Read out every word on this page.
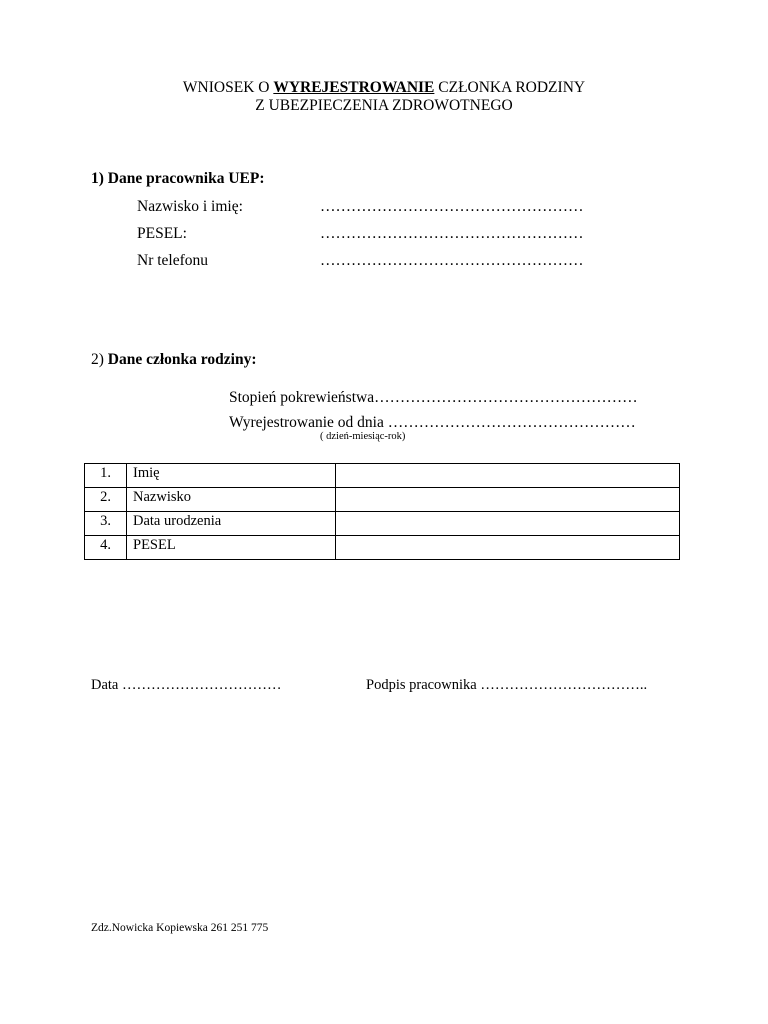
WNIOSEK O WYREJESTROWANIE CZŁONKA RODZINY
Z UBEZPIECZENIA ZDROWOTNEGO
1) Dane pracownika UEP:
Nazwisko i imię:	……………………………………………
PESEL:	……………………………………………
Nr telefonu	……………………………………………
2) Dane członka rodziny:
Stopień pokrewieństwa……………………………………………
Wyrejestrowanie od dnia …………………………………………
( dzień-miesiąc-rok)
1.	Imię	
2.	Nazwisko	
3.	Data urodzenia	
4.	PESEL	
Data ……………………………	Podpis pracownika ……………………………..
Zdz.Nowicka Kopiewska 261 251 775
